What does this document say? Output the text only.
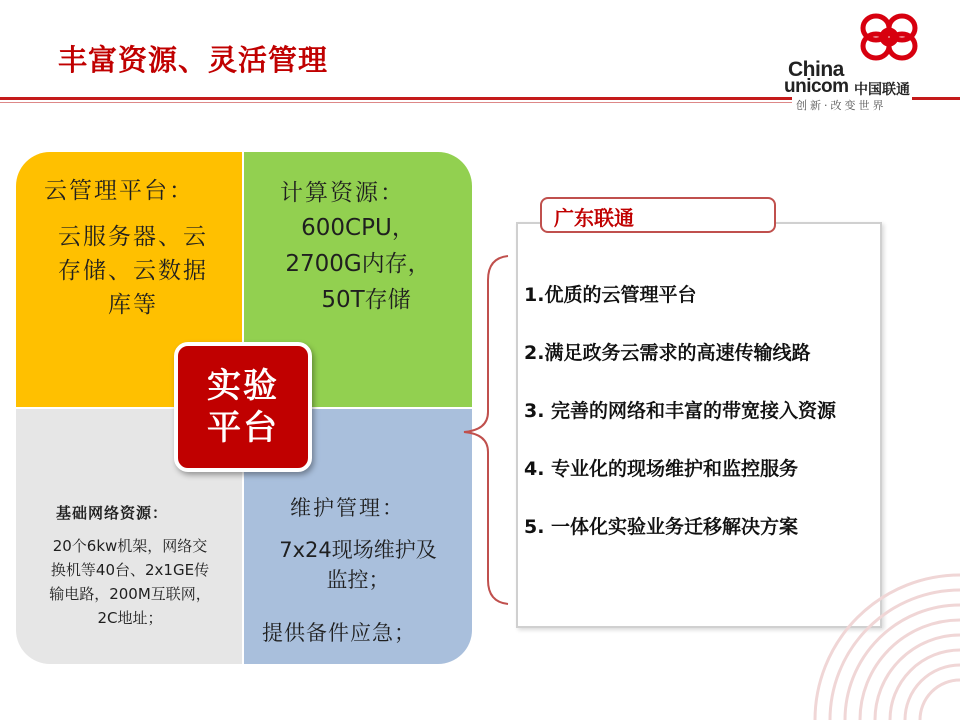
丰富资源、灵活管理	China
unicom 中国联通
创新·改变世界
云管理平台：
云服务器、云
存储、云数据
库等
计算资源：
600CPU，
2700G内存，
50T存储
基础网络资源：
20个6kw机架，网络交
换机等40台、2x1GE传
输电路，200M互联网，
2C地址；
维护管理：
7x24现场维护及
监控；
提供备件应急；
实验
平台
广东联通
1.优质的云管理平台
2.满足政务云需求的高速传输线路
3. 完善的网络和丰富的带宽接入资源
4. 专业化的现场维护和监控服务
5. 一体化实验业务迁移解决方案
